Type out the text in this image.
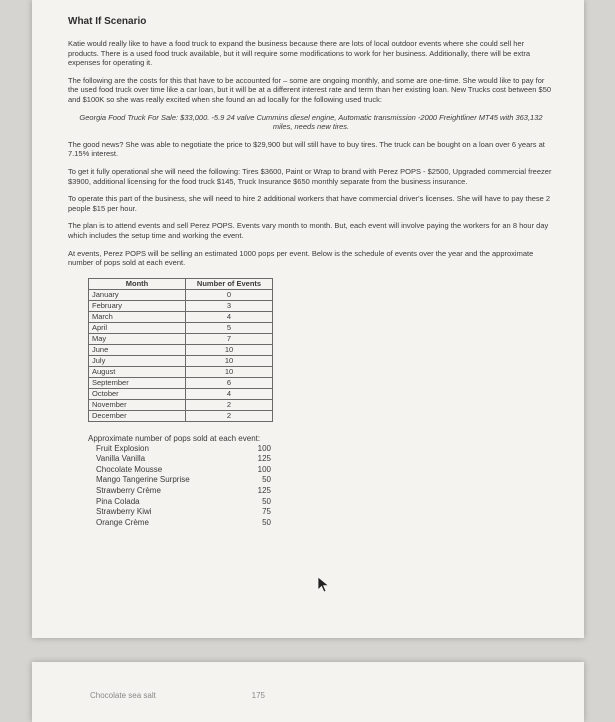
What If Scenario

Katie would really like to have a food truck to expand the business because there are lots of local outdoor events where she could sell her products. There is a used food truck available, but it will require some modifications to work for her business. Additionally, there will be extra expenses for operating it.

The following are the costs for this that have to be accounted for – some are ongoing monthly, and some are one-time. She would like to pay for the used food truck over time like a car loan, but it will be at a different interest rate and term than her existing loan. New Trucks cost between $50 and $100K so she was really excited when she found an ad locally for the following used truck:

Georgia Food Truck For Sale: $33,000. -5.9 24 valve Cummins diesel engine, Automatic transmission -2000 Freightliner MT45 with 363,132 miles, needs new tires.

The good news? She was able to negotiate the price to $29,900 but will still have to buy tires. The truck can be bought on a loan over 6 years at 7.15% interest.

To get it fully operational she will need the following: Tires $3600, Paint or Wrap to brand with Perez POPS - $2500, Upgraded commercial freezer $3900, additional licensing for the food truck $145, Truck Insurance $650 monthly separate from the business insurance.

To operate this part of the business, she will need to hire 2 additional workers that have commercial driver's licenses. She will have to pay these 2 people $15 per hour.

The plan is to attend events and sell Perez POPS. Events vary month to month. But, each event will involve paying the workers for an 8 hour day which includes the setup time and working the event.

At events, Perez POPS will be selling an estimated 1000 pops per event. Below is the schedule of events over the year and the approximate number of pops sold at each event.

Month	Number of Events
January	0
February	3
March	4
April	5
May	7
June	10
July	10
August	10
September	6
October	4
November	2
December	2
Approximate number of pops sold at each event:
Fruit Explosion	100
Vanilla Vanilla	125
Chocolate Mousse	100
Mango Tangerine Surprise	50
Strawberry Crème	125
Pina Colada	50
Strawberry Kiwi	75
Orange Crème	50
Chocolate sea salt	175
